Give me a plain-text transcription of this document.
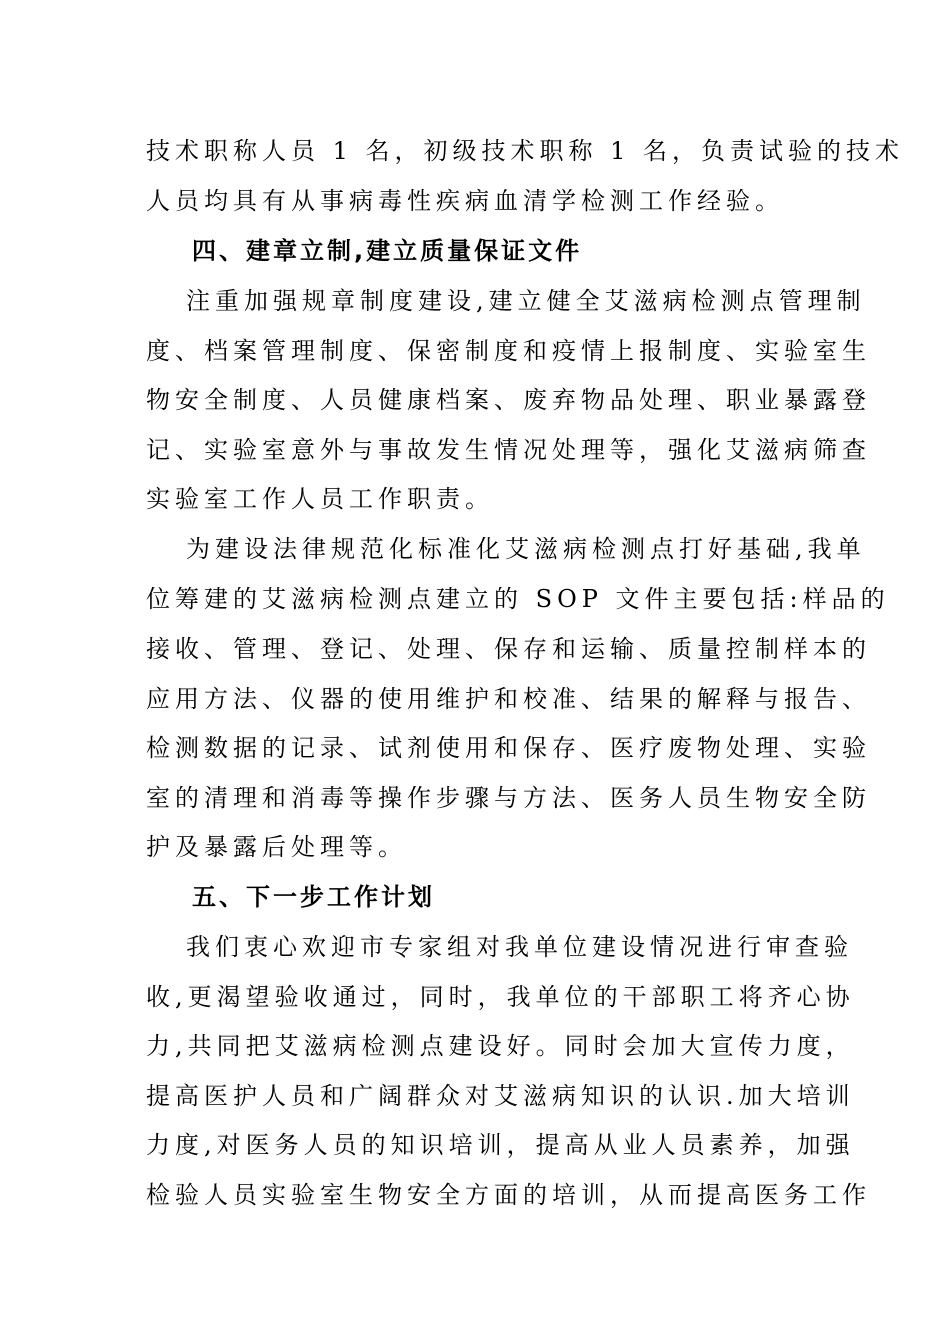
技术职称人员 1 名，初级技术职称 1 名，负责试验的技术
人员均具有从事病毒性疾病血清学检测工作经验。
四、建章立制,建立质量保证文件
注重加强规章制度建设,建立健全艾滋病检测点管理制
度、档案管理制度、保密制度和疫情上报制度、实验室生
物安全制度、人员健康档案、废弃物品处理、职业暴露登
记、实验室意外与事故发生情况处理等，强化艾滋病筛查
实验室工作人员工作职责。
为建设法律规范化标准化艾滋病检测点打好基础,我单
位筹建的艾滋病检测点建立的 SOP 文件主要包括:样品的
接收、管理、登记、处理、保存和运输、质量控制样本的
应用方法、仪器的使用维护和校准、结果的解释与报告、
检测数据的记录、试剂使用和保存、医疗废物处理、实验
室的清理和消毒等操作步骤与方法、医务人员生物安全防
护及暴露后处理等。
五、下一步工作计划
我们衷心欢迎市专家组对我单位建设情况进行审查验
收,更渴望验收通过，同时，我单位的干部职工将齐心协
力,共同把艾滋病检测点建设好。同时会加大宣传力度，
提高医护人员和广阔群众对艾滋病知识的认识.加大培训
力度,对医务人员的知识培训，提高从业人员素养，加强
检验人员实验室生物安全方面的培训，从而提高医务工作
